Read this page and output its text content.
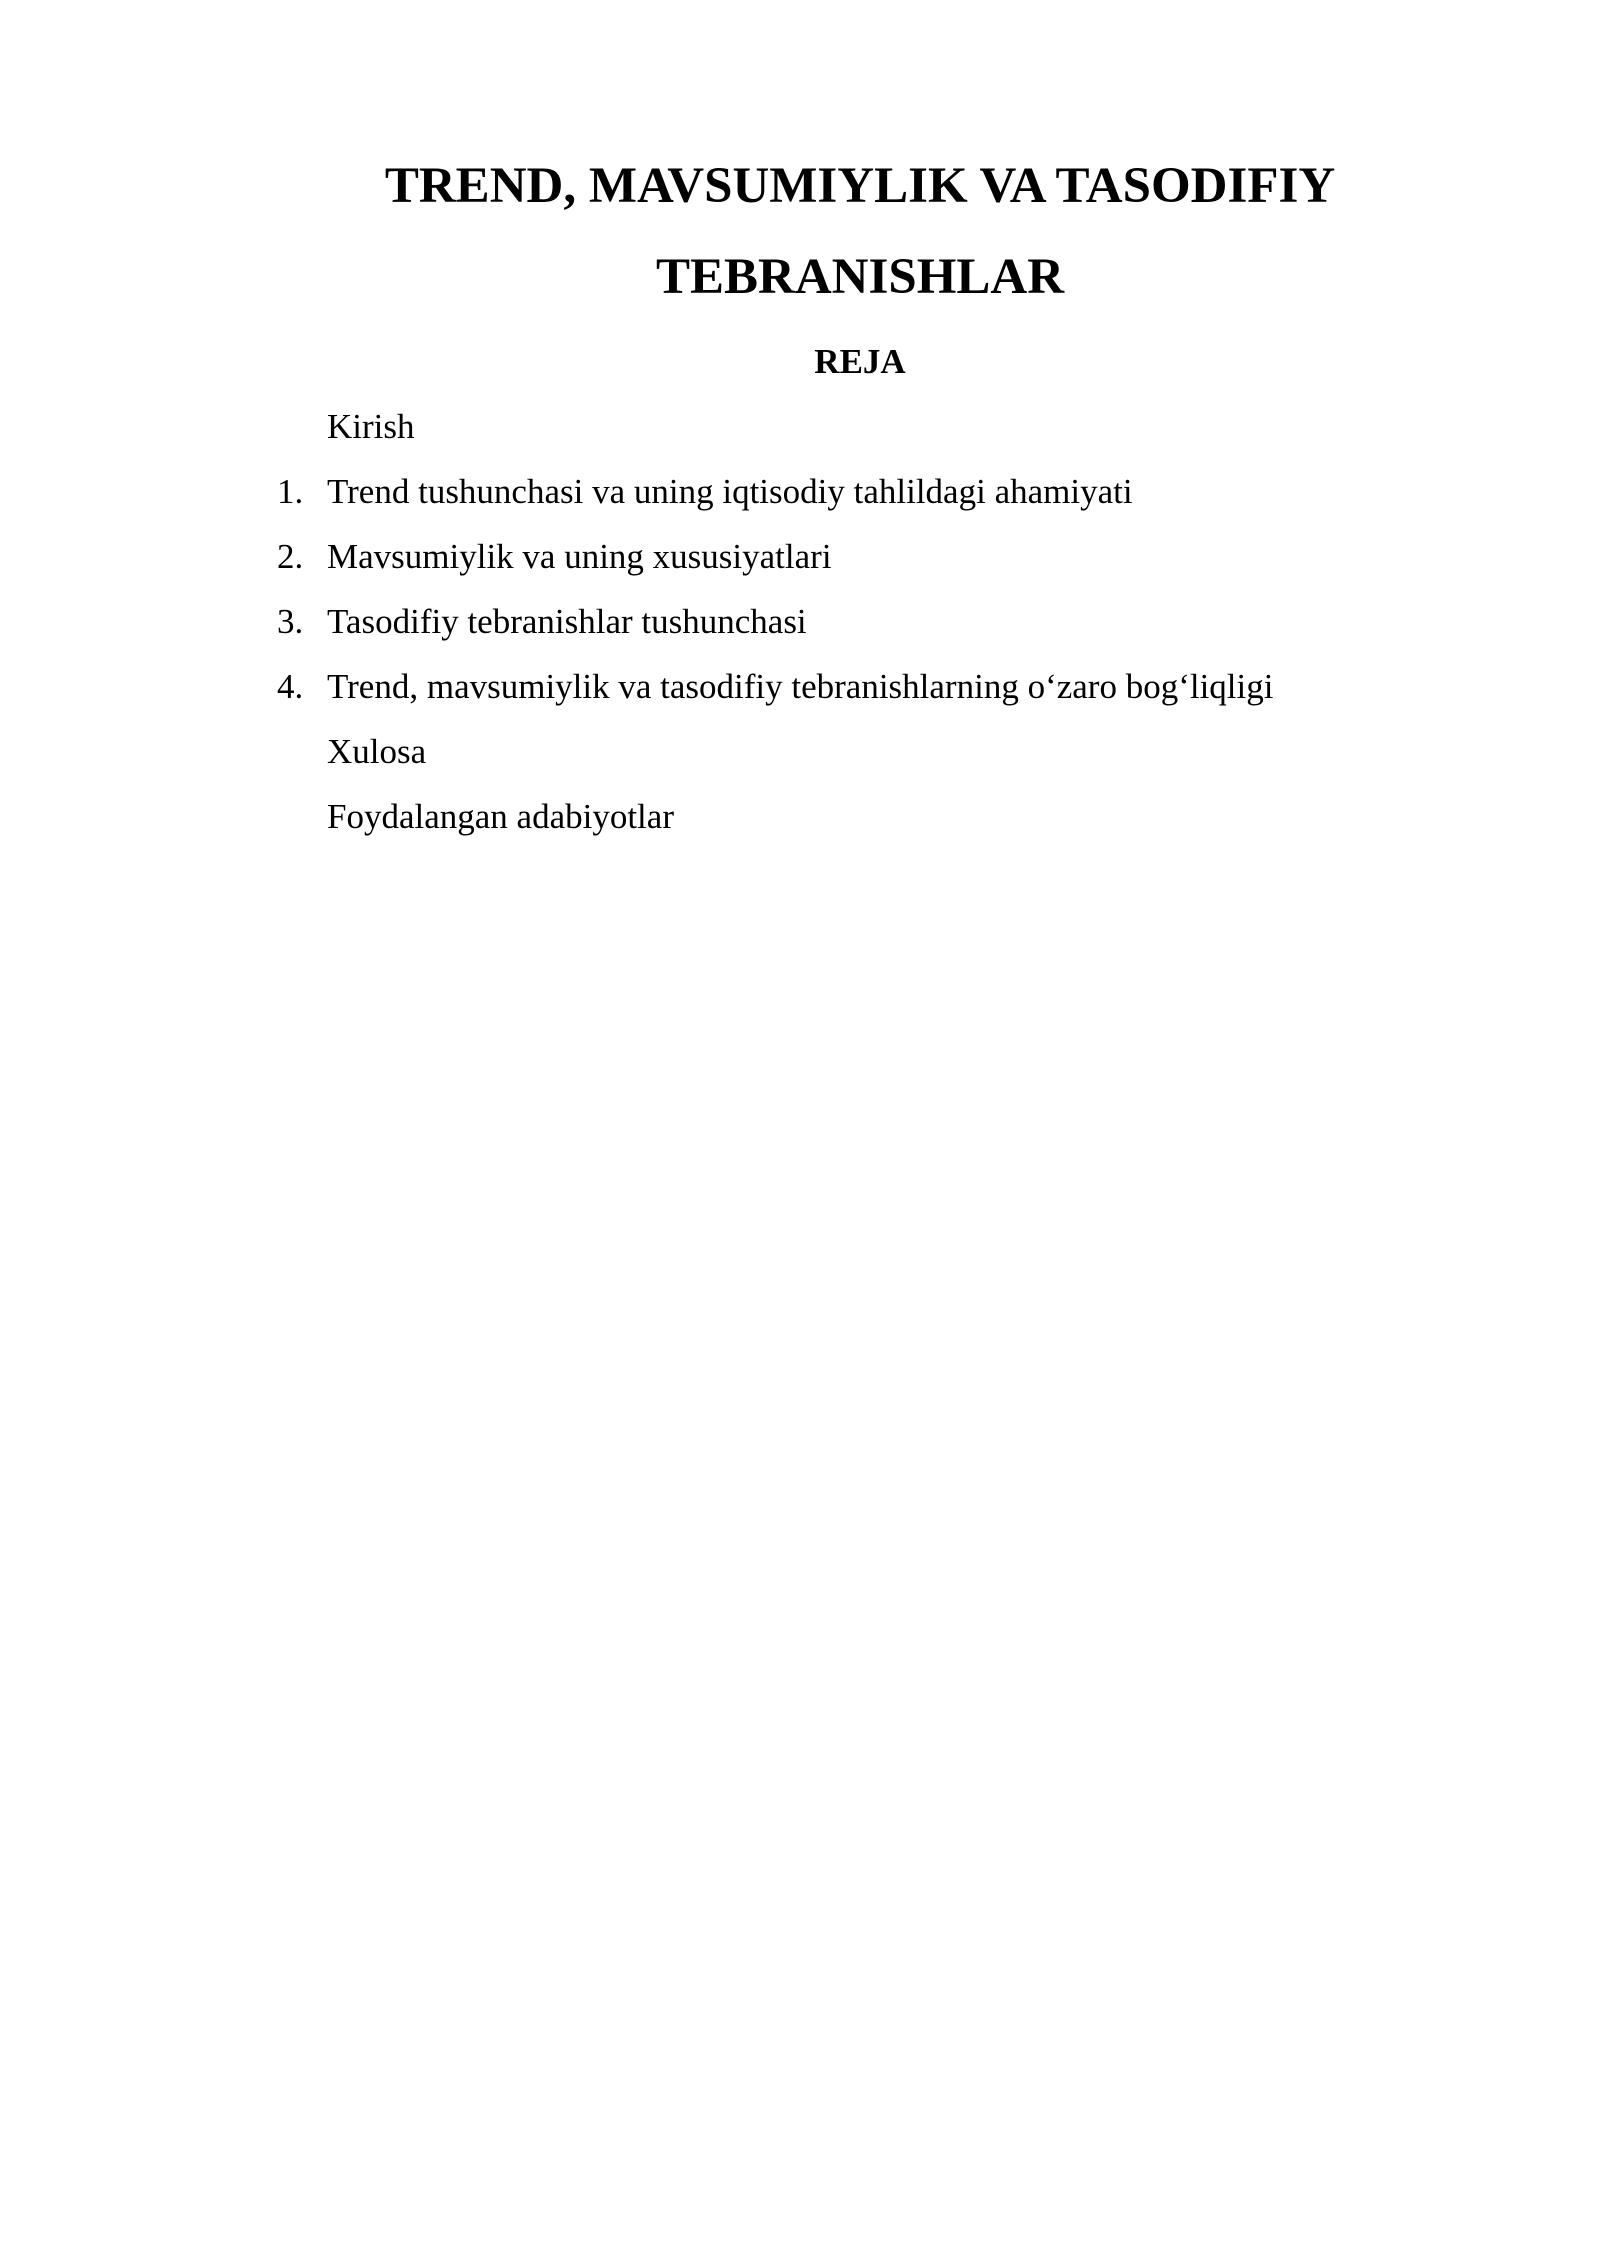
TREND, MAVSUMIYLIK VA TASODIFIY
TEBRANISHLAR
REJA
Kirish
1. Trend tushunchasi va uning iqtisodiy tahlildagi ahamiyati
2. Mavsumiylik va uning xususiyatlari
3. Tasodifiy tebranishlar tushunchasi
4. Trend, mavsumiylik va tasodifiy tebranishlarning o‘zaro bog‘liqligi
Xulosa
Foydalangan adabiyotlar
